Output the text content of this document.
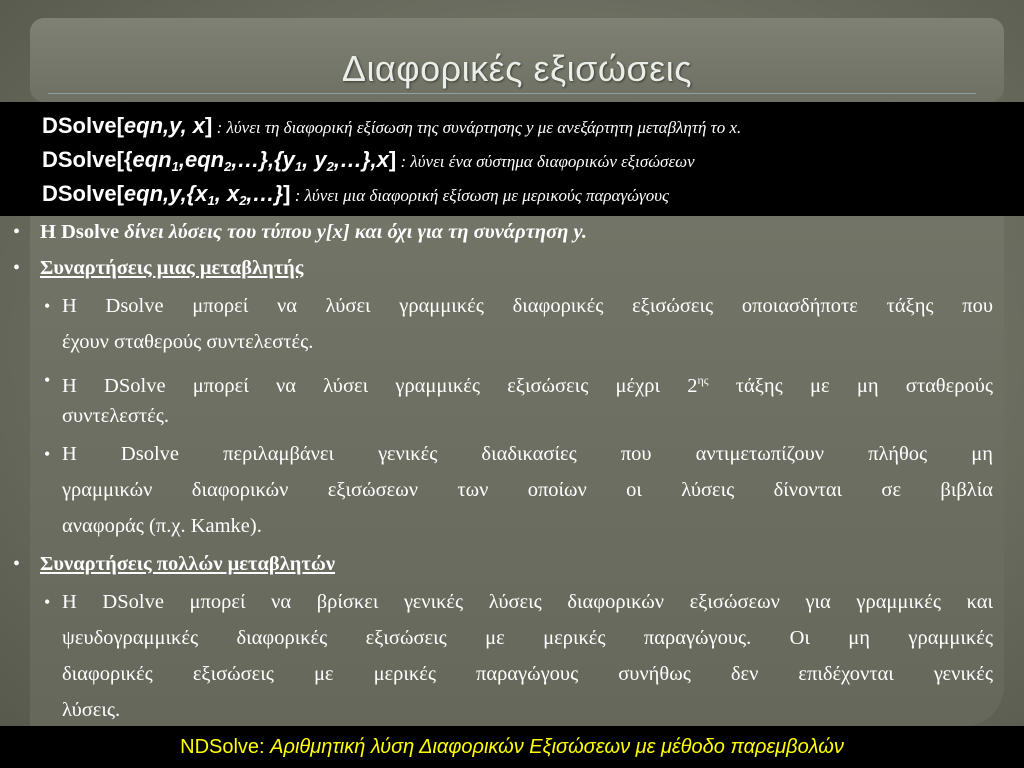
Διαφορικές εξισώσεις
DSolve[eqn,y, x] : λύνει τη διαφορική εξίσωση της συνάρτησης y με ανεξάρτητη μεταβλητή το x.
$DSolve[\{eqn_1,eqn_2,\dots\},\{y_1$, $y_2,\dots\},x$] : λύνει ένα σύστημα διαφορικών εξισώσεων
$DSolve[eqn,y,\{x_1$, $x_2,\dots$}] : λύνει μια διαφορική εξίσωση με μερικούς παραγώγους
• Η Dsolve δίνει λύσεις του τύπου y[x] και όχι για τη συνάρτηση y.
• Συναρτήσεις μιας μεταβλητής
• Η Dsolve μπορεί να λύσει γραμμικές διαφορικές εξισώσεις οποιασδήποτε τάξης που
έχουν σταθερούς συντελεστές.
• Η DSolve μπορεί να λύσει γραμμικές εξισώσεις μέχρι $2^{\eta\varsigma}$ τάξης με μη σταθερούς
συντελεστές.
• Η Dsolve περιλαμβάνει γενικές διαδικασίες που αντιμετωπίζουν πλήθος μη
γραμμικών διαφορικών εξισώσεων των οποίων οι λύσεις δίνονται σε βιβλία
αναφοράς (π.χ. Kamke).
• Συναρτήσεις πολλών μεταβλητών
• Η DSolve μπορεί να βρίσκει γενικές λύσεις διαφορικών εξισώσεων για γραμμικές και
ψευδογραμμικές διαφορικές εξισώσεις με μερικές παραγώγους. Οι μη γραμμικές
διαφορικές εξισώσεις με μερικές παραγώγους συνήθως δεν επιδέχονται γενικές
λύσεις.
NDSolve: Αριθμητική λύση Διαφορικών Εξισώσεων με μέθοδο παρεμβολών
